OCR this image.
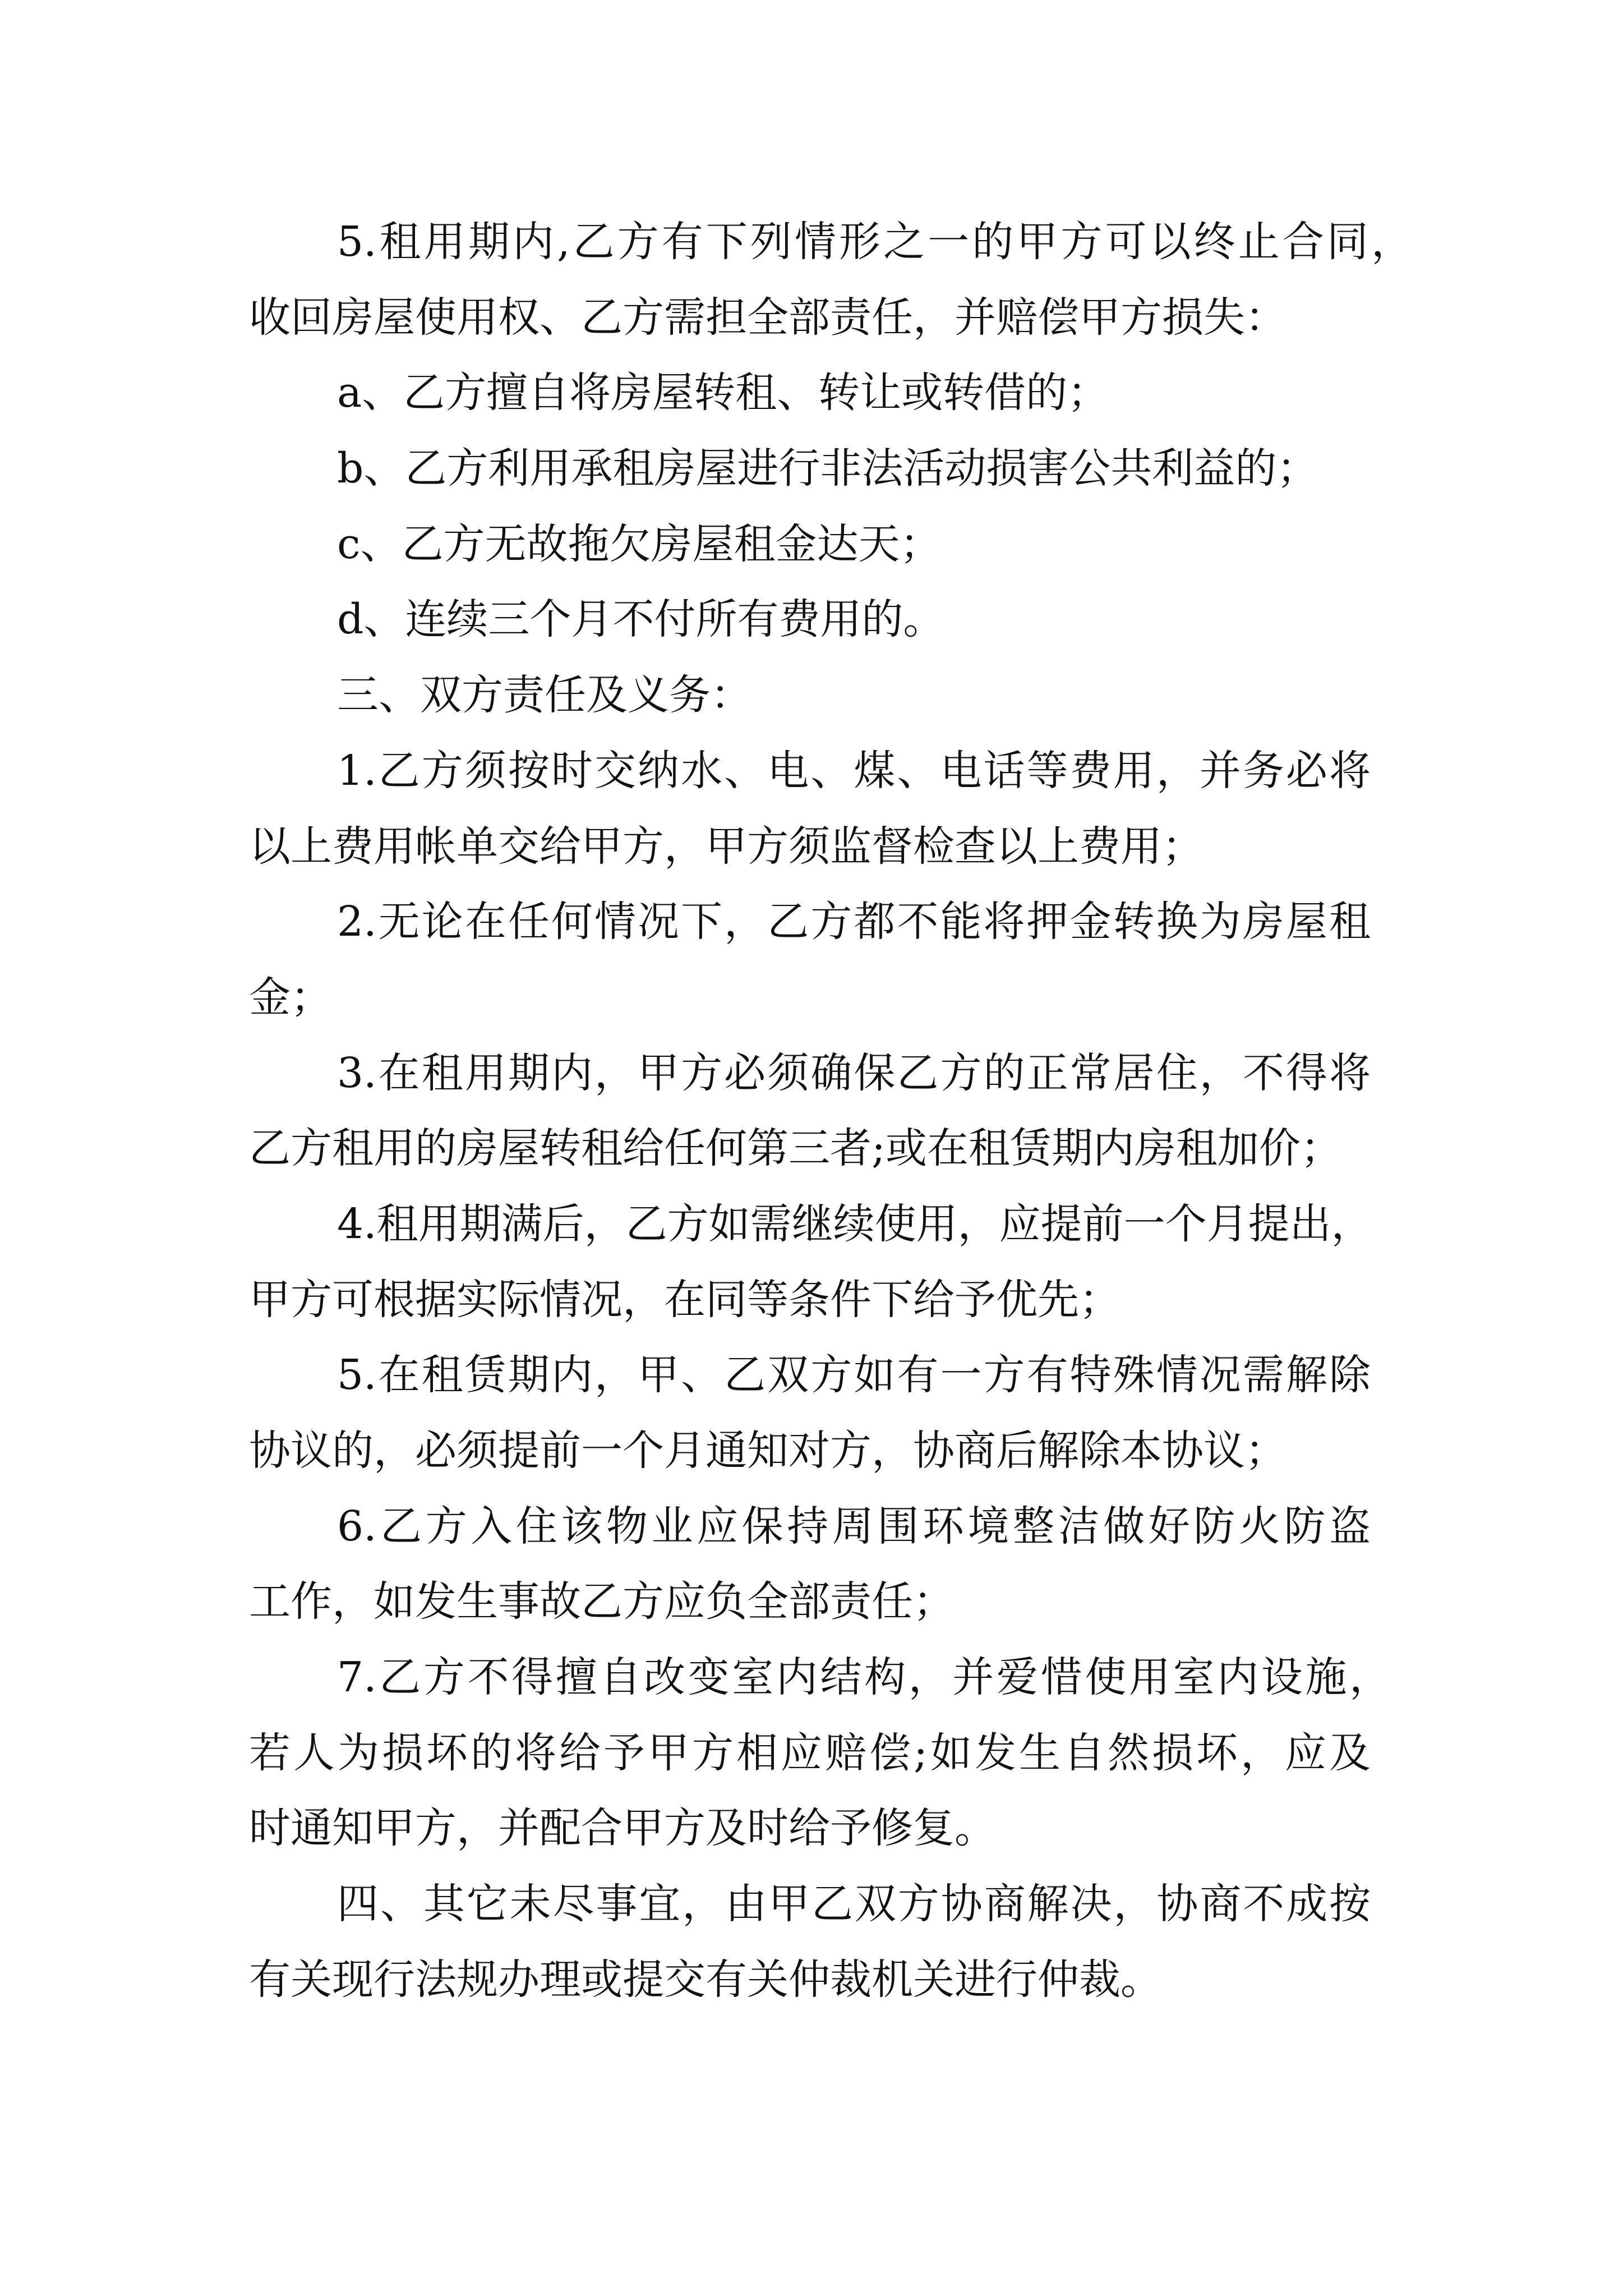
5.租用期内,乙方有下列情形之一的甲方可以终止合同，
收回房屋使用权、乙方需担全部责任，并赔偿甲方损失：
a、乙方擅自将房屋转租、转让或转借的；
b、乙方利用承租房屋进行非法活动损害公共利益的；
c、乙方无故拖欠房屋租金达天；
d、连续三个月不付所有费用的。
三、双方责任及义务：
1.乙方须按时交纳水、电、煤、电话等费用，并务必将
以上费用帐单交给甲方，甲方须监督检查以上费用；
2.无论在任何情况下，乙方都不能将押金转换为房屋租
金；
3.在租用期内，甲方必须确保乙方的正常居住，不得将
乙方租用的房屋转租给任何第三者;或在租赁期内房租加价；
4.租用期满后，乙方如需继续使用，应提前一个月提出，
甲方可根据实际情况，在同等条件下给予优先；
5.在租赁期内，甲、乙双方如有一方有特殊情况需解除
协议的，必须提前一个月通知对方，协商后解除本协议；
6.乙方入住该物业应保持周围环境整洁做好防火防盗
工作，如发生事故乙方应负全部责任；
7.乙方不得擅自改变室内结构，并爱惜使用室内设施，
若人为损坏的将给予甲方相应赔偿;如发生自然损坏，应及
时通知甲方，并配合甲方及时给予修复。
四、其它未尽事宜，由甲乙双方协商解决，协商不成按
有关现行法规办理或提交有关仲裁机关进行仲裁。
